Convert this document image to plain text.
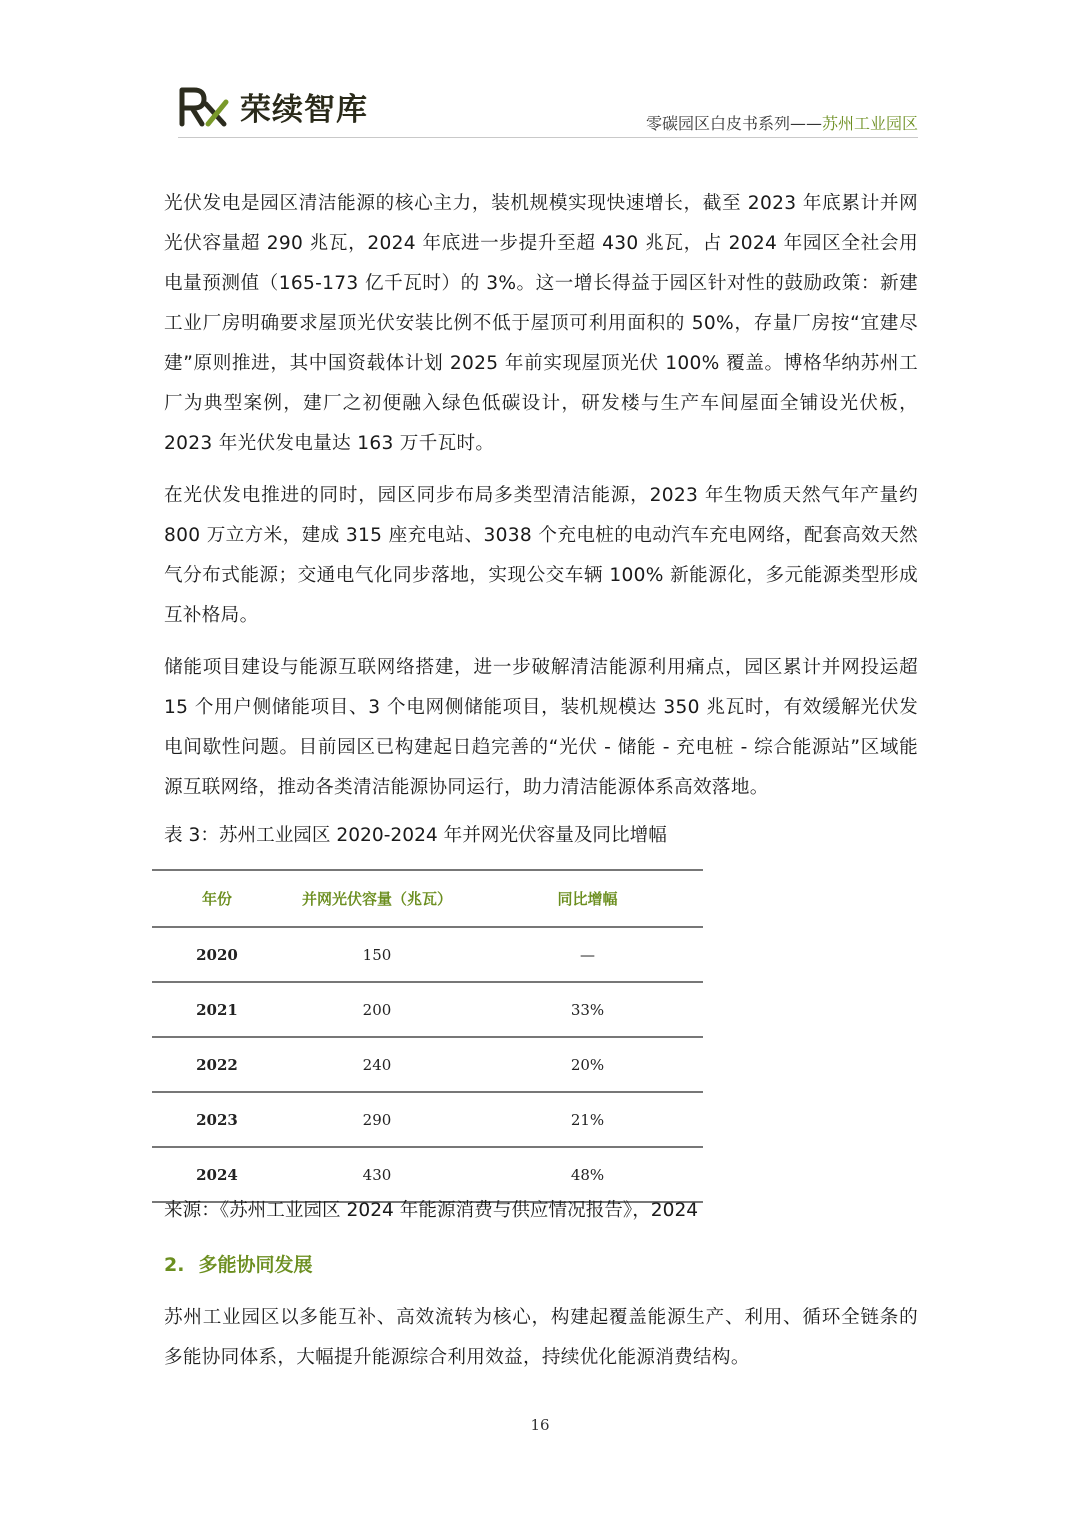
荣续智库	零碳园区白皮书系列——苏州工业园区

光伏发电是园区清洁能源的核心主力，装机规模实现快速增长，截至 2023 年底累计并网光伏容量超 290 兆瓦，2024 年底进一步提升至超 430 兆瓦，占 2024 年园区全社会用电量预测值（165-173 亿千瓦时）的 3%。这一增长得益于园区针对性的鼓励政策：新建工业厂房明确要求屋顶光伏安装比例不低于屋顶可利用面积的 50%，存量厂房按“宜建尽建”原则推进，其中国资载体计划 2025 年前实现屋顶光伏 100% 覆盖。博格华纳苏州工厂为典型案例，建厂之初便融入绿色低碳设计，研发楼与生产车间屋面全铺设光伏板，2023 年光伏发电量达 163 万千瓦时。

在光伏发电推进的同时，园区同步布局多类型清洁能源，2023 年生物质天然气年产量约 800 万立方米，建成 315 座充电站、3038 个充电桩的电动汽车充电网络，配套高效天然气分布式能源；交通电气化同步落地，实现公交车辆 100% 新能源化，多元能源类型形成互补格局。

储能项目建设与能源互联网络搭建，进一步破解清洁能源利用痛点，园区累计并网投运超 15 个用户侧储能项目、3 个电网侧储能项目，装机规模达 350 兆瓦时，有效缓解光伏发电间歇性问题。目前园区已构建起日趋完善的“光伏 - 储能 - 充电桩 - 综合能源站”区域能源互联网络，推动各类清洁能源协同运行，助力清洁能源体系高效落地。

表 3：苏州工业园区 2020-2024 年并网光伏容量及同比增幅

年份	并网光伏容量（兆瓦）	同比增幅
2020	150	—
2021	200	33%
2022	240	20%
2023	290	21%
2024	430	48%
来源：《苏州工业园区 2024 年能源消费与供应情况报告》，2024
2. 多能协同发展

苏州工业园区以多能互补、高效流转为核心，构建起覆盖能源生产、利用、循环全链条的多能协同体系，大幅提升能源综合利用效益，持续优化能源消费结构。

16
